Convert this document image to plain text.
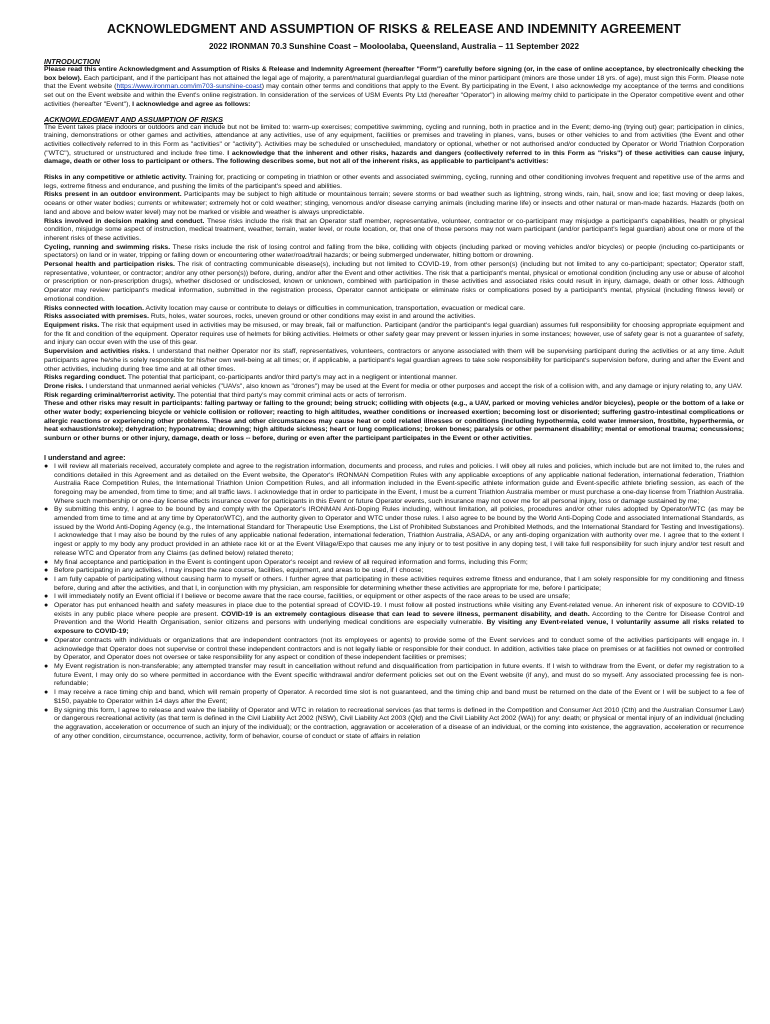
ACKNOWLEDGMENT AND ASSUMPTION OF RISKS & RELEASE AND INDEMNITY AGREEMENT
2022 IRONMAN 70.3 Sunshine Coast – Mooloolaba, Queensland, Australia – 11 September 2022
INTRODUCTION

Please read this entire Acknowledgment and Assumption of Risks & Release and Indemnity Agreement (hereafter "Form") carefully before signing (or, in the case of online acceptance, by electronically checking the box below). Each participant, and if the participant has not attained the legal age of majority, a parent/natural guardian/legal guardian of the minor participant (minors are those under 18 yrs. of age), must sign this Form. Please note that the Event website (https://www.ironman.com/im703-sunshine-coast) may contain other terms and conditions that apply to the Event. By participating in the Event, I also acknowledge my acceptance of the terms and conditions set out on the Event website and within the Event's online registration. In consideration of the services of USM Events Pty Ltd (hereafter "Operator") in allowing me/my child to participate in the Operator competitive event and other activities (hereafter "Event"), I acknowledge and agree as follows:

ACKNOWLEDGMENT AND ASSUMPTION OF RISKS

The Event takes place indoors or outdoors and can include but not be limited to: warm-up exercises; competitive swimming, cycling and running, both in practice and in the Event; demo-ing (trying out) gear; participation in clinics, training, demonstrations or other games and activities, attendance at any activities, use of any equipment, facilities or premises and traveling in planes, vans, buses or other vehicles to and from activities (the Event and other activities collectively referred to in this Form as "activities" or "activity"). Activities may be scheduled or unscheduled, mandatory or optional, whether or not authorised and/or conducted by Operator or World Triathlon Corporation ("WTC"), structured or unstructured and include free time. I acknowledge that the inherent and other risks, hazards and dangers (collectively referred to in this Form as "risks") of these activities can cause injury, damage, death or other loss to participant or others. The following describes some, but not all of the inherent risks, as applicable to participant's activities:

Risks in any competitive or athletic activity. Training for, practicing or competing in triathlon or other events and associated swimming, cycling, running and other conditioning involves frequent and repetitive use of the arms and legs, extreme fitness and endurance, and pushing the limits of the participant's speed and abilities.

Risks present in an outdoor environment. Participants may be subject to high altitude or mountainous terrain; severe storms or bad weather such as lightning, strong winds, rain, hail, snow and ice; fast moving or deep lakes, oceans or other water bodies; currents or whitewater; extremely hot or cold weather; stinging, venomous and/or disease carrying animals (including marine life) or insects and other natural or man-made hazards. Hazards (both on land and above and below water level) may not be marked or visible and weather is always unpredictable.

Risks involved in decision making and conduct. These risks include the risk that an Operator staff member, representative, volunteer, contractor or co-participant may misjudge a participant's capabilities, health or physical condition, misjudge some aspect of instruction, medical treatment, weather, terrain, water level, or route location, or, that one of those persons may not warn participant (and/or participant's legal guardian) about one or more of the inherent risks of these activities.

Cycling, running and swimming risks. These risks include the risk of losing control and falling from the bike, colliding with objects (including parked or moving vehicles and/or bicycles) or people (including co-participants or spectators) on land or in water, tripping or falling down or encountering other water/road/trail hazards; or being submerged underwater, hitting bottom or drowning.

Personal health and participation risks. The risk of contracting communicable disease(s), including but not limited to COVID-19, from other person(s) (including but not limited to any co-participant; spectator; Operator staff, representative, volunteer, or contractor; and/or any other person(s)) before, during, and/or after the Event and other activities. The risk that a participant's mental, physical or emotional condition (including any use or abuse of alcohol or prescription or non-prescription drugs), whether disclosed or undisclosed, known or unknown, combined with participation in these activities and associated risks could result in injury, damage, death or other loss. Although Operator may review participant's medical information, submitted in the registration process, Operator cannot anticipate or eliminate risks or complications posed by a participant's mental, physical (including fitness level) or emotional condition.

Risks connected with location. Activity location may cause or contribute to delays or difficulties in communication, transportation, evacuation or medical care.

Risks associated with premises. Ruts, holes, water sources, rocks, uneven ground or other conditions may exist in and around the activities.

Equipment risks. The risk that equipment used in activities may be misused, or may break, fail or malfunction. Participant (and/or the participant's legal guardian) assumes full responsibility for choosing appropriate equipment and for the fit and condition of the equipment. Operator requires use of helmets for biking activities. Helmets or other safety gear may prevent or lessen injuries in some instances; however, use of safety gear is not a guarantee of safety, and injury can occur even with the use of this gear.

Supervision and activities risks. I understand that neither Operator nor its staff, representatives, volunteers, contractors or anyone associated with them will be supervising participant during the activities or at any time. Adult participants agree he/she is solely responsible for his/her own well-being at all times; or, if applicable, a participant's legal guardian agrees to take sole responsibility for participant's supervision before, during and after the Event and other activities, including during free time and at all other times.

Risks regarding conduct. The potential that participant, co-participants and/or third party's may act in a negligent or intentional manner.

Drone risks. I understand that unmanned aerial vehicles ("UAVs", also known as "drones") may be used at the Event for media or other purposes and accept the risk of a collision with, and any damage or injury relating to, any UAV.

Risk regarding criminal/terrorist activity. The potential that third party's may commit criminal acts or acts of terrorism.

These and other risks may result in participants: falling partway or falling to the ground; being struck; colliding with objects (e.g., a UAV, parked or moving vehicles and/or bicycles), people or the bottom of a lake or other water body; experiencing bicycle or vehicle collision or rollover; reacting to high altitudes, weather conditions or increased exertion; becoming lost or disoriented; suffering gastro-intestinal complications or allergic reactions or experiencing other problems. These and other circumstances may cause heat or cold related illnesses or conditions (including hypothermia, cold water immersion, frostbite, hyperthermia, or heat exhaustion/stroke); dehydration; hyponatremia; drowning; high altitude sickness; heart or lung complications; broken bones; paralysis or other permanent disability; mental or emotional trauma; concussions; sunburn or other burns or other injury, damage, death or loss -- before, during or even after the participant participates in the Event or other activities.

I understand and agree:
● I will review all materials received, accurately complete and agree to the registration information, documents and process, and rules and policies. I will obey all rules and policies, which include but are not limited to, the rules and conditions detailed in this Agreement and as detailed on the Event website, the Operator's IRONMAN Competition Rules with any applicable exceptions of any applicable national federation, international federation, Triathlon Australia Race Competition Rules, the International Triathlon Union Competition Rules, and all information included in the Event-specific athlete information guide and Event-specific athlete briefing session, as each of the foregoing may be amended, from time to time; and all traffic laws. I acknowledge that in order to participate in the Event, I must be a current Triathlon Australia member or must purchase a one-day license from Triathlon Australia. Where such membership or one-day license effects insurance cover for participants in this Event or future Operator events, such insurance may not cover me for all personal injury, loss or damage sustained by me;
● By submitting this entry, I agree to be bound by and comply with the Operator's IRONMAN Anti-Doping Rules including, without limitation, all policies, procedures and/or other rules adopted by Operator/WTC (as may be amended from time to time and at any time by Operator/WTC), and the authority given to Operator and WTC under those rules. I also agree to be bound by the World Anti-Doping Code and associated International Standards, as issued by the World Anti-Doping Agency (e.g., the International Standard for Therapeutic Use Exemptions, the List of Prohibited Substances and Prohibited Methods, and the International Standard for Testing and Investigations). I acknowledge that I may also be bound by the rules of any applicable national federation, international federation, Triathlon Australia, ASADA, or any anti-doping organization with authority over me. I agree that to the extent I ingest or apply to my body any product provided in an athlete race kit or at the Event Village/Expo that causes me any injury or to test positive in any doping test, I will take full responsibility for such injury and/or test result and release WTC and Operator from any Claims (as defined below) related thereto;
● My final acceptance and participation in the Event is contingent upon Operator's receipt and review of all required information and forms, including this Form;
● Before participating in any activities, I may inspect the race course, facilities, equipment, and areas to be used, if I choose;
● I am fully capable of participating without causing harm to myself or others. I further agree that participating in these activities requires extreme fitness and endurance, that I am solely responsible for my conditioning and fitness before, during and after the activities, and that I, in conjunction with my physician, am responsible for determining whether these activities are appropriate for me, before I participate;
● I will immediately notify an Event official if I believe or become aware that the race course, facilities, or equipment or other aspects of the race areas to be used are unsafe;
● Operator has put enhanced health and safety measures in place due to the potential spread of COVID-19. I must follow all posted instructions while visiting any Event-related venue. An inherent risk of exposure to COVID-19 exists in any public place where people are present. COVID-19 is an extremely contagious disease that can lead to severe illness, permanent disability, and death. According to the Centre for Disease Control and Prevention and the World Health Organisation, senior citizens and persons with underlying medical conditions are especially vulnerable. By visiting any Event-related venue, I voluntarily assume all risks related to exposure to COVID-19;
● Operator contracts with individuals or organizations that are independent contractors (not its employees or agents) to provide some of the Event services and to conduct some of the activities participants will engage in. I acknowledge that Operator does not supervise or control these independent contractors and is not legally liable or responsible for their conduct. In addition, activities take place on premises or at facilities not owned or controlled by Operator, and Operator does not oversee or take responsibility for any aspect or condition of these independent facilities or premises;
● My Event registration is non-transferable; any attempted transfer may result in cancellation without refund and disqualification from participation in future events. If I wish to withdraw from the Event, or defer my registration to a future Event, I may only do so where permitted in accordance with the Event specific withdrawal and/or deferment policies set out on the Event website (if any), and must do so myself. Any associated processing fee is non-refundable;
● I may receive a race timing chip and band, which will remain property of Operator. A recorded time slot is not guaranteed, and the timing chip and band must be returned on the date of the Event or I will be subject to a fee of $150, payable to Operator within 14 days after the Event;
● By signing this form, I agree to release and waive the liability of Operator and WTC in relation to recreational services (as that terms is defined in the Competition and Consumer Act 2010 (Cth) and the Australian Consumer Law) or dangerous recreational activity (as that term is defined in the Civil Liability Act 2002 (NSW), Civil Liability Act 2003 (Qld) and the Civil Liability Act 2002 (WA)) for any: death; or physical or mental injury of an individual (including the aggravation, acceleration or occurrence of such an injury of the individual); or the contraction, aggravation or acceleration of a disease of an individual, or the coming into existence, the aggravation, acceleration or recurrence of any other condition, circumstance, occurrence, activity, form of behavior, course of conduct or state of affairs in relation
